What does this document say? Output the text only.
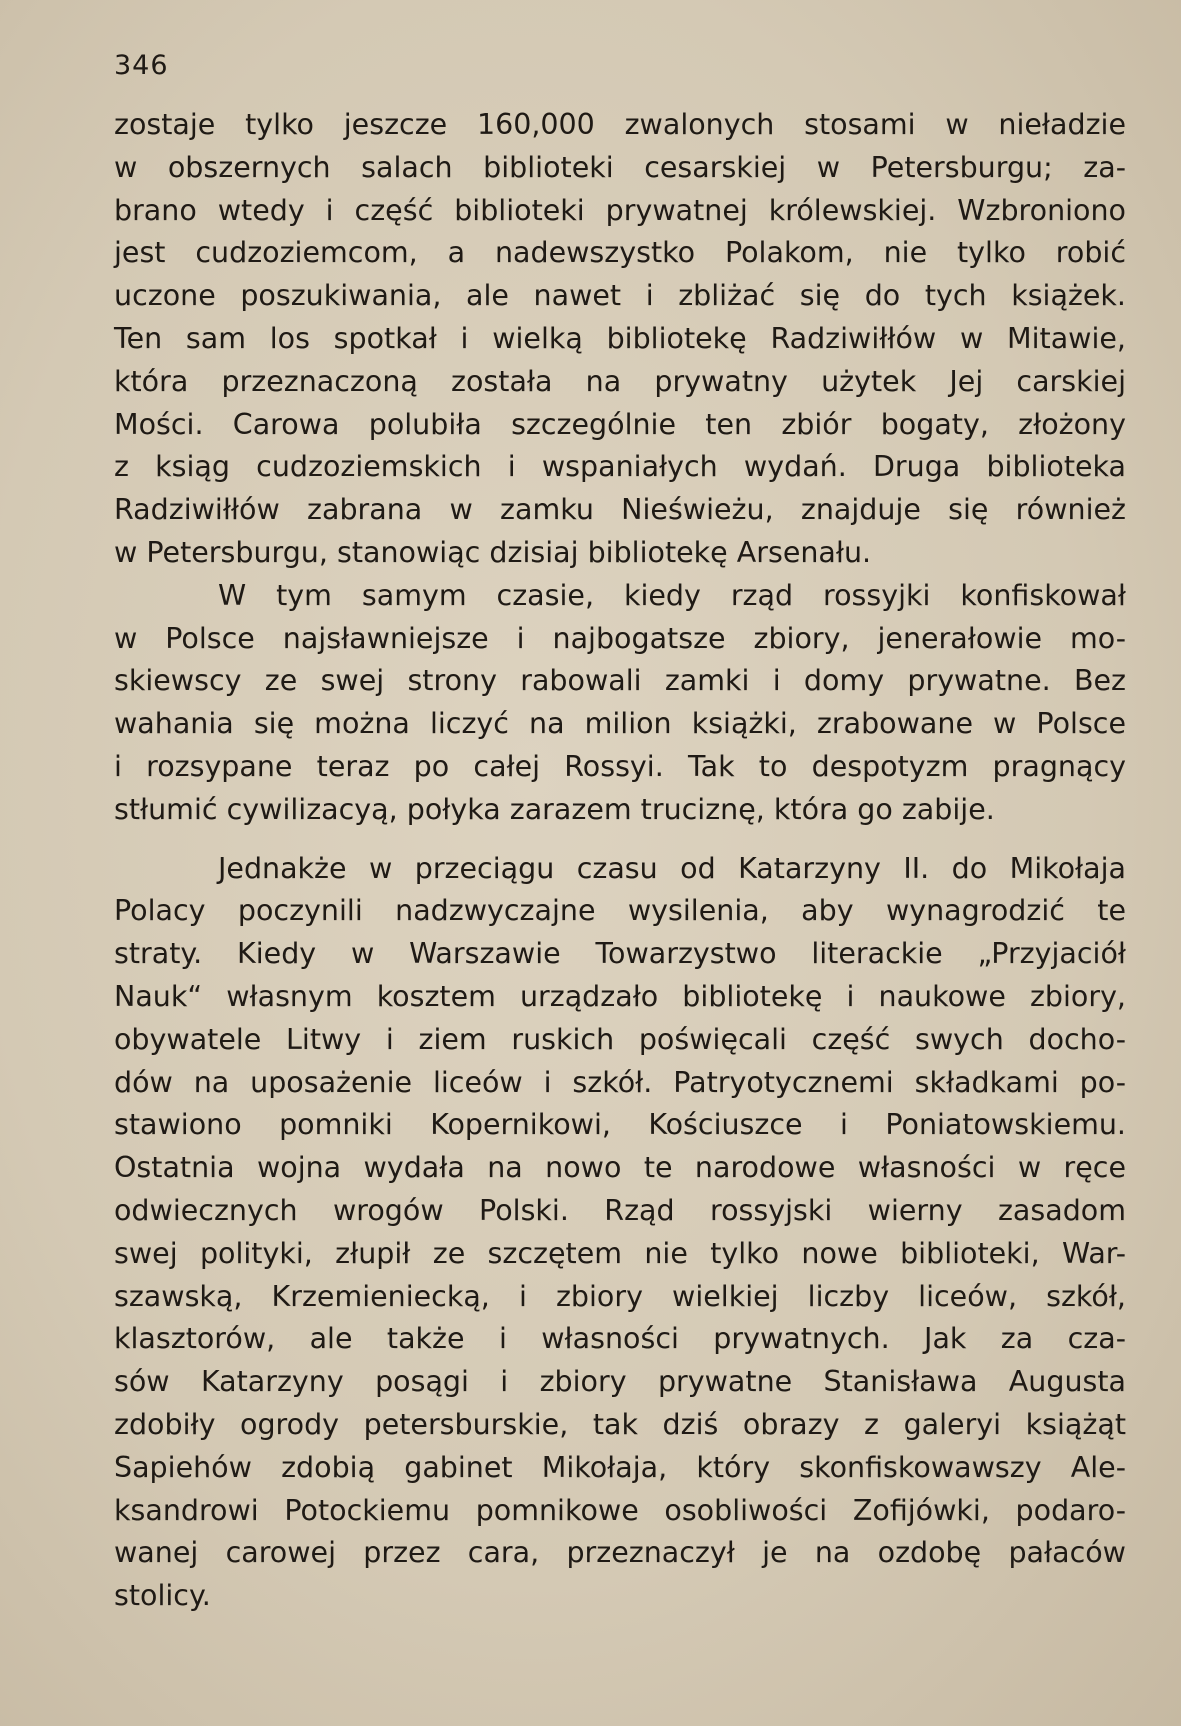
346
zostaje tylko jeszcze 160,000 zwalonych stosami w nieładzie
w obszernych salach biblioteki cesarskiej w Petersburgu; za-
brano wtedy i część biblioteki prywatnej królewskiej. Wzbroniono
jest cudzoziemcom, a nadewszystko Polakom, nie tylko robić
uczone poszukiwania, ale nawet i zbliżać się do tych książek.
Ten sam los spotkał i wielką bibliotekę Radziwiłłów w Mitawie,
która przeznaczoną została na prywatny użytek Jej carskiej
Mości. Carowa polubiła szczególnie ten zbiór bogaty, złożony
z ksiąg cudzoziemskich i wspaniałych wydań. Druga biblioteka
Radziwiłłów zabrana w zamku Nieświeżu, znajduje się również
w Petersburgu, stanowiąc dzisiaj bibliotekę Arsenału.
W tym samym czasie, kiedy rząd rossyjki konfiskował
w Polsce najsławniejsze i najbogatsze zbiory, jenerałowie mo-
skiewscy ze swej strony rabowali zamki i domy prywatne. Bez
wahania się można liczyć na milion książki, zrabowane w Polsce
i rozsypane teraz po całej Rossyi. Tak to despotyzm pragnący
stłumić cywilizacyą, połyka zarazem truciznę, która go zabije.
Jednakże w przeciągu czasu od Katarzyny II. do Mikołaja
Polacy poczynili nadzwyczajne wysilenia, aby wynagrodzić te
straty. Kiedy w Warszawie Towarzystwo literackie „Przyjaciół
Nauk“ własnym kosztem urządzało bibliotekę i naukowe zbiory,
obywatele Litwy i ziem ruskich poświęcali część swych docho-
dów na uposażenie liceów i szkół. Patryotycznemi składkami po-
stawiono pomniki Kopernikowi, Kościuszce i Poniatowskiemu.
Ostatnia wojna wydała na nowo te narodowe własności w ręce
odwiecznych wrogów Polski. Rząd rossyjski wierny zasadom
swej polityki, złupił ze szczętem nie tylko nowe biblioteki, War-
szawską, Krzemieniecką, i zbiory wielkiej liczby liceów, szkół,
klasztorów, ale także i własności prywatnych. Jak za cza-
sów Katarzyny posągi i zbiory prywatne Stanisława Augusta
zdobiły ogrody petersburskie, tak dziś obrazy z galeryi książąt
Sapiehów zdobią gabinet Mikołaja, który skonfiskowawszy Ale-
ksandrowi Potockiemu pomnikowe osobliwości Zofijówki, podaro-
wanej carowej przez cara, przeznaczył je na ozdobę pałaców
stolicy.
